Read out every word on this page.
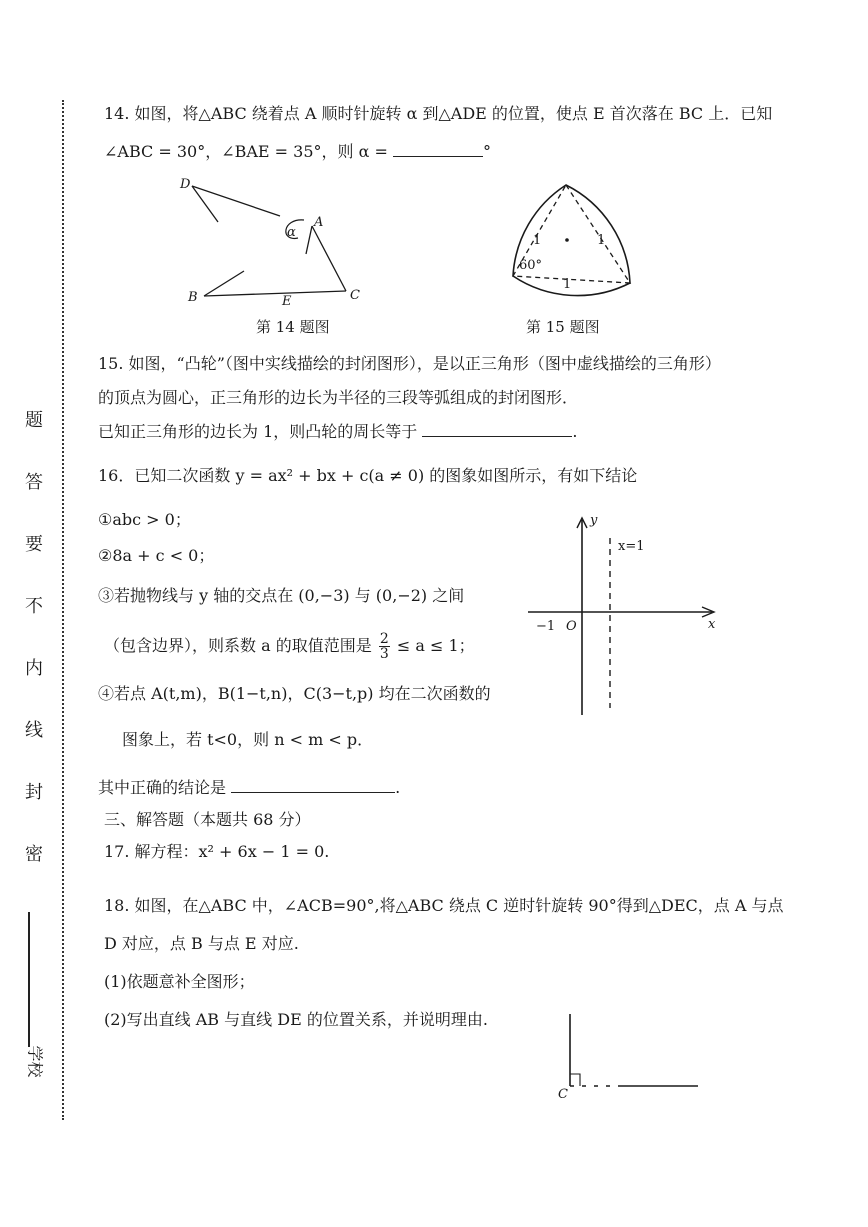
题
答
要
不
内
线
封
密
学校
14. 如图，将△ABC 绕着点 A 顺时针旋转 α 到△ADE 的位置，使点 E 首次落在 BC 上．已知
∠ABC = 30°，∠BAE = 35°，则 α =	°
D
A
α
B	E	C
第 14 题图
1	1
1
60°
第 15 题图
15. 如图，“凸轮”（图中实线描绘的封闭图形），是以正三角形（图中虚线描绘的三角形）
的顶点为圆心，正三角形的边长为半径的三段等弧组成的封闭图形．
已知正三角形的边长为 1，则凸轮的周长等于	.
16．已知二次函数 y = ax² + bx + c(a ≠ 0) 的图象如图所示，有如下结论
①abc > 0；
②8a + c < 0；
③若抛物线与 y 轴的交点在 (0,−3) 与 (0,−2) 之间
（包含边界），则系数 a 的取值范围是 $\frac{2}{3} \le a \le 1$；
④若点 A(t,m)，B(1−t,n)，C(3−t,p) 均在二次函数的
图象上，若 t<0，则 n < m < p．
其中正确的结论是	.
y
x
x=1
−1 O
三、解答题（本题共 68 分）
17. 解方程：x² + 6x − 1 = 0.
18. 如图，在△ABC 中，∠ACB=90°,将△ABC 绕点 C 逆时针旋转 90°得到△DEC，点 A 与点
D 对应，点 B 与点 E 对应.
(1)依题意补全图形；
(2)写出直线 AB 与直线 DE 的位置关系，并说明理由.
C
